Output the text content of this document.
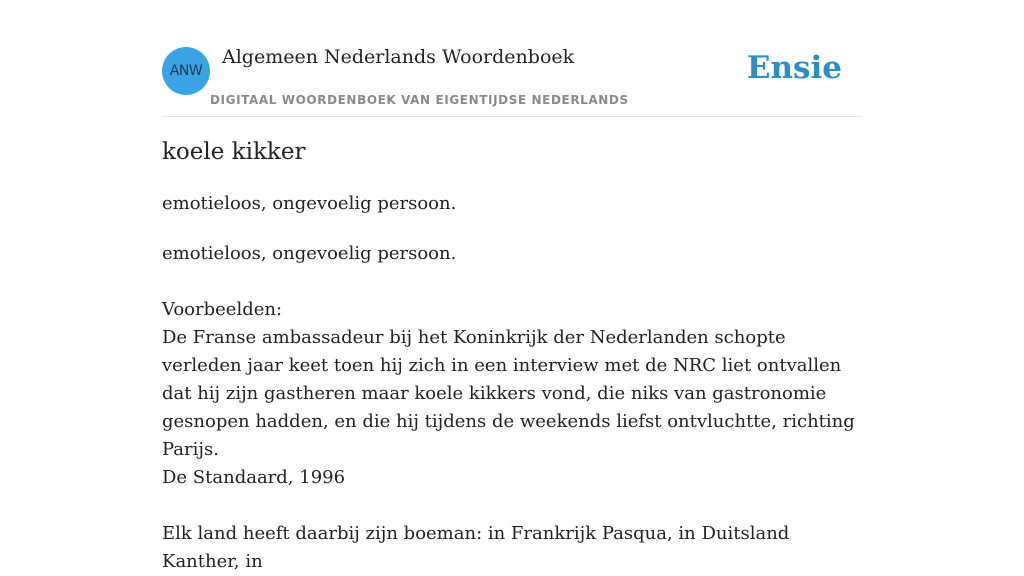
ANW
Algemeen Nederlands Woordenboek
DIGITAAL WOORDENBOEK VAN EIGENTIJDSE NEDERLANDS
Ensie
koele kikker
emotieloos, ongevoelig persoon.

emotieloos, ongevoelig persoon.

Voorbeelden:

De Franse ambassadeur bij het Koninkrijk der Nederlanden schopte verleden jaar keet toen hij zich in een interview met de NRC liet ontvallen dat hij zijn gastheren maar koele kikkers vond, die niks van gastronomie gesnopen hadden, en die hij tijdens de weekends liefst ontvluchtte, richting Parijs.

De Standaard, 1996

Elk land heeft daarbij zijn boeman: in Frankrijk Pasqua, in Duitsland Kanther, in
